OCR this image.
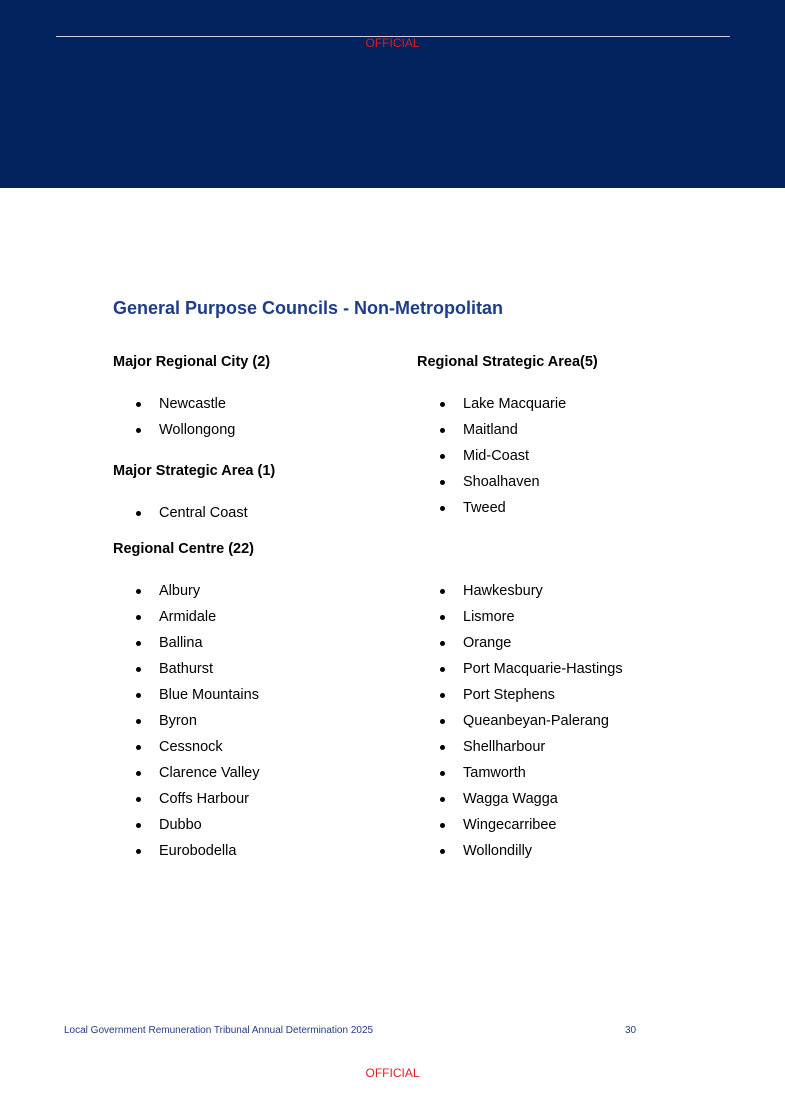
OFFICIAL
General Purpose Councils - Non-Metropolitan
Major Regional City (2)
Newcastle
Wollongong
Major Strategic Area (1)
Central Coast
Regional Centre (22)
Albury
Armidale
Ballina
Bathurst
Blue Mountains
Byron
Cessnock
Clarence Valley
Coffs Harbour
Dubbo
Eurobodella
Regional Strategic Area(5)
Lake Macquarie
Maitland
Mid-Coast
Shoalhaven
Tweed
Hawkesbury
Lismore
Orange
Port Macquarie-Hastings
Port Stephens
Queanbeyan-Palerang
Shellharbour
Tamworth
Wagga Wagga
Wingecarribee
Wollondilly
Local Government Remuneration Tribunal Annual Determination 2025	30
OFFICIAL
